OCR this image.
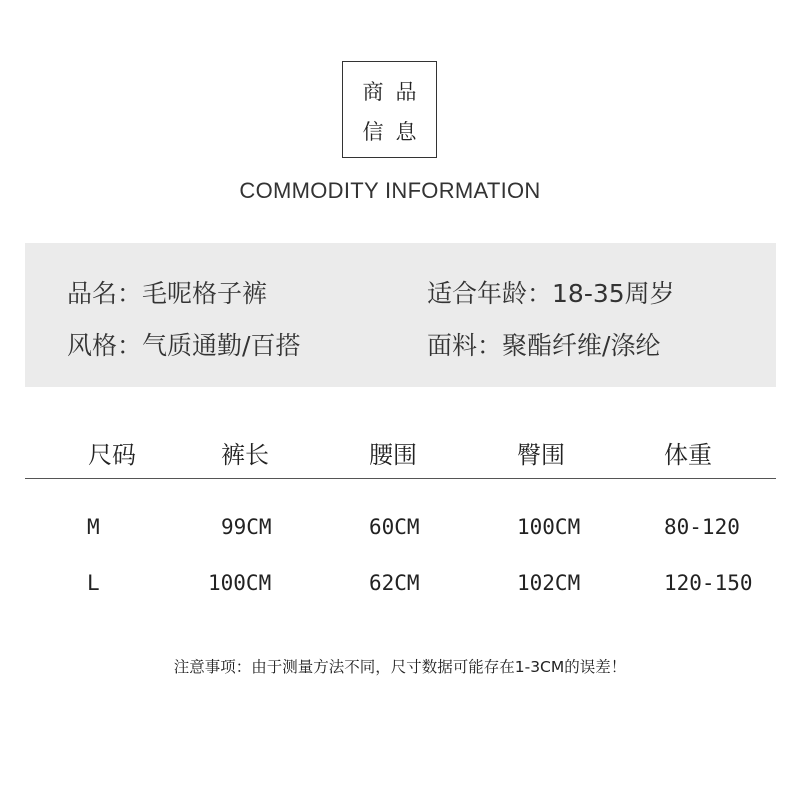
商品
信息
COMMODITY INFORMATION
品名：毛呢格子裤	适合年龄：18-35周岁
风格：气质通勤/百搭	面料：聚酯纤维/涤纶
尺码	裤长	腰围	臀围	体重
M	99CM	60CM	100CM	80-120
L	100CM	62CM	102CM	120-150
注意事项：由于测量方法不同，尺寸数据可能存在1-3CM的误差！
